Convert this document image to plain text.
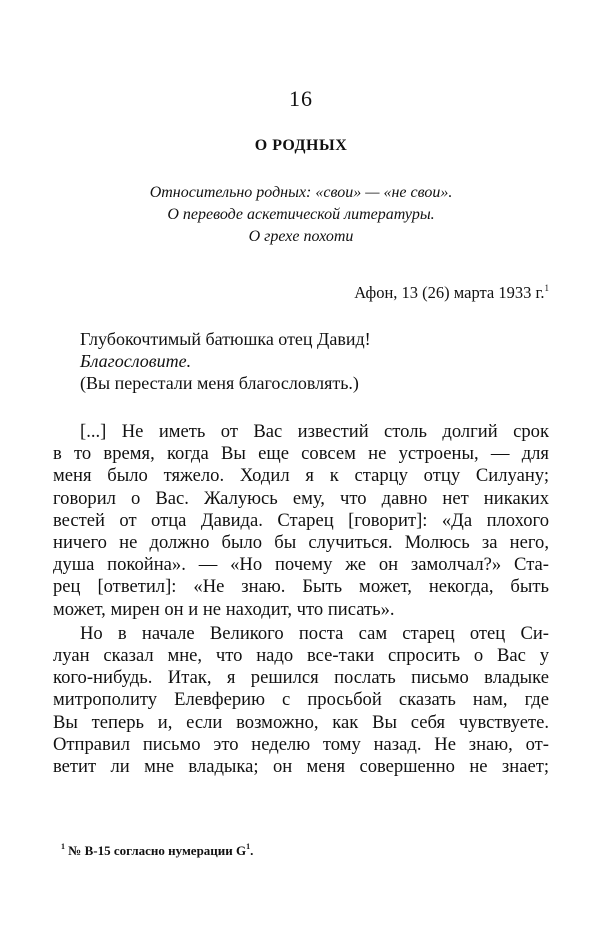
16
О РОДНЫХ
Относительно родных: «свои» — «не свои».
О переводе аскетической литературы.
О грехе похоти
Афон, 13 (26) марта 1933 г.$^1$
Глубокочтимый батюшка отец Давид!
Благословите.
(Вы перестали меня благословлять.)
[...] Не иметь от Вас известий столь долгий срок
в то время, когда Вы еще совсем не устроены, — для
меня было тяжело. Ходил я к старцу отцу Силуану;
говорил о Вас. Жалуюсь ему, что давно нет никаких
вестей от отца Давида. Старец [говорит]: «Да плохого
ничего не должно было бы случиться. Молюсь за него,
душа покойна». — «Но почему же он замолчал?» Ста-
рец [ответил]: «Не знаю. Быть может, некогда, быть
может, мирен он и не находит, что писать».
Но в начале Великого поста сам старец отец Си-
луан сказал мне, что надо все-таки спросить о Вас у
кого-нибудь. Итак, я решился послать письмо владыке
митрополиту Елевферию с просьбой сказать нам, где
Вы теперь и, если возможно, как Вы себя чувствуете.
Отправил письмо это неделю тому назад. Не знаю, от-
ветит ли мне владыка; он меня совершенно не знает;
$^1$ № В-15 согласно нумерации $G^1$.
